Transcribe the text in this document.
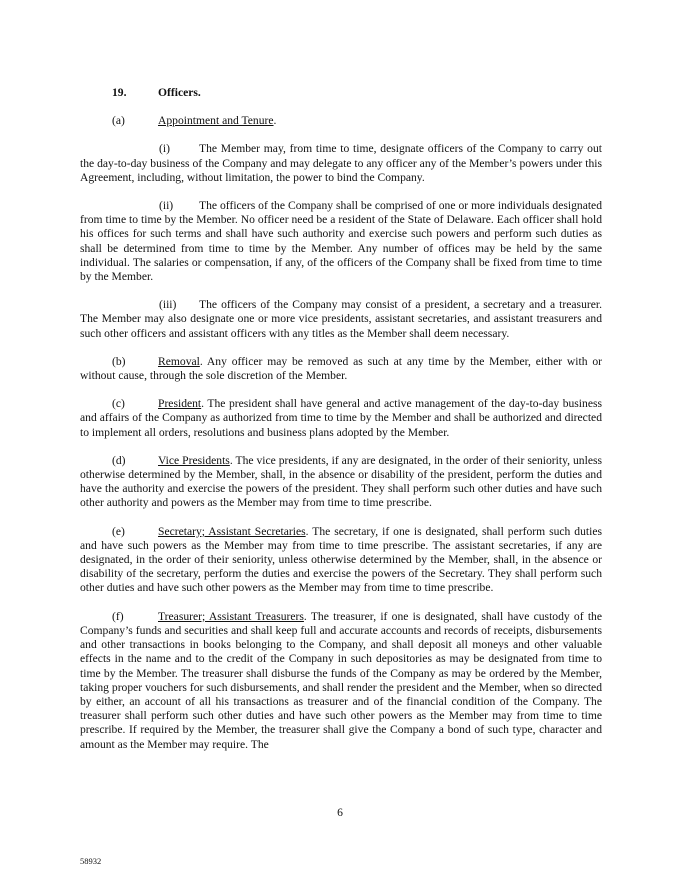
19.	Officers.
(a)	Appointment and Tenure.

(i)	The Member may, from time to time, designate officers of the Company to carry out the day-to-day business of the Company and may delegate to any officer any of the Member’s powers under this Agreement, including, without limitation, the power to bind the Company.

(ii) The officers of the Company shall be comprised of one or more individuals designated from time to time by the Member. No officer need be a resident of the State of Delaware. Each officer shall hold his offices for such terms and shall have such authority and exercise such powers and perform such duties as shall be determined from time to time by the Member. Any number of offices may be held by the same individual. The salaries or compensation, if any, of the officers of the Company shall be fixed from time to time by the Member.

(iii) The officers of the Company may consist of a president, a secretary and a treasurer. The Member may also designate one or more vice presidents, assistant secretaries, and assistant treasurers and such other officers and assistant officers with any titles as the Member shall deem necessary.

(b)	Removal. Any officer may be removed as such at any time by the Member, either with or without cause, through the sole discretion of the Member.

(c)	President. The president shall have general and active management of the day-to-day business and affairs of the Company as authorized from time to time by the Member and shall be authorized and directed to implement all orders, resolutions and business plans adopted by the Member.

(d)	Vice Presidents. The vice presidents, if any are designated, in the order of their seniority, unless otherwise determined by the Member, shall, in the absence or disability of the president, perform the duties and have the authority and exercise the powers of the president. They shall perform such other duties and have such other authority and powers as the Member may from time to time prescribe.

(e)	Secretary; Assistant Secretaries. The secretary, if one is designated, shall perform such duties and have such powers as the Member may from time to time prescribe. The assistant secretaries, if any are designated, in the order of their seniority, unless otherwise determined by the Member, shall, in the absence or disability of the secretary, perform the duties and exercise the powers of the Secretary. They shall perform such other duties and have such other powers as the Member may from time to time prescribe.

(f)	Treasurer; Assistant Treasurers. The treasurer, if one is designated, shall have custody of the Company’s funds and securities and shall keep full and accurate accounts and records of receipts, disbursements and other transactions in books belonging to the Company, and shall deposit all moneys and other valuable effects in the name and to the credit of the Company in such depositories as may be designated from time to time by the Member. The treasurer shall disburse the funds of the Company as may be ordered by the Member, taking proper vouchers for such disbursements, and shall render the president and the Member, when so directed by either, an account of all his transactions as treasurer and of the financial condition of the Company. The treasurer shall perform such other duties and have such other powers as the Member may from time to time prescribe. If required by the Member, the treasurer shall give the Company a bond of such type, character and amount as the Member may require. The

6
58932
